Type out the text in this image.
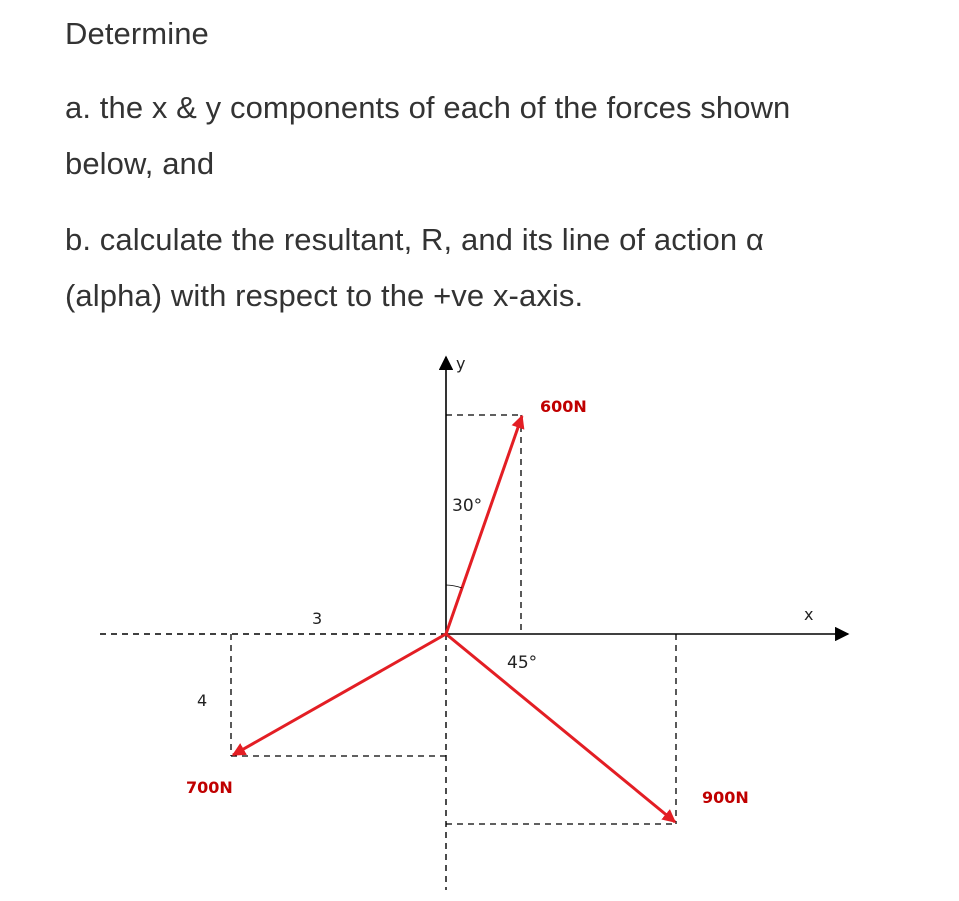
Determine

a. the x & y components of each of the forces shown

below, and

b. calculate the resultant, R, and its line of action α

(alpha) with respect to the +ve x-axis.

y
x
600N
30°
45°
900N
3
4
700N
